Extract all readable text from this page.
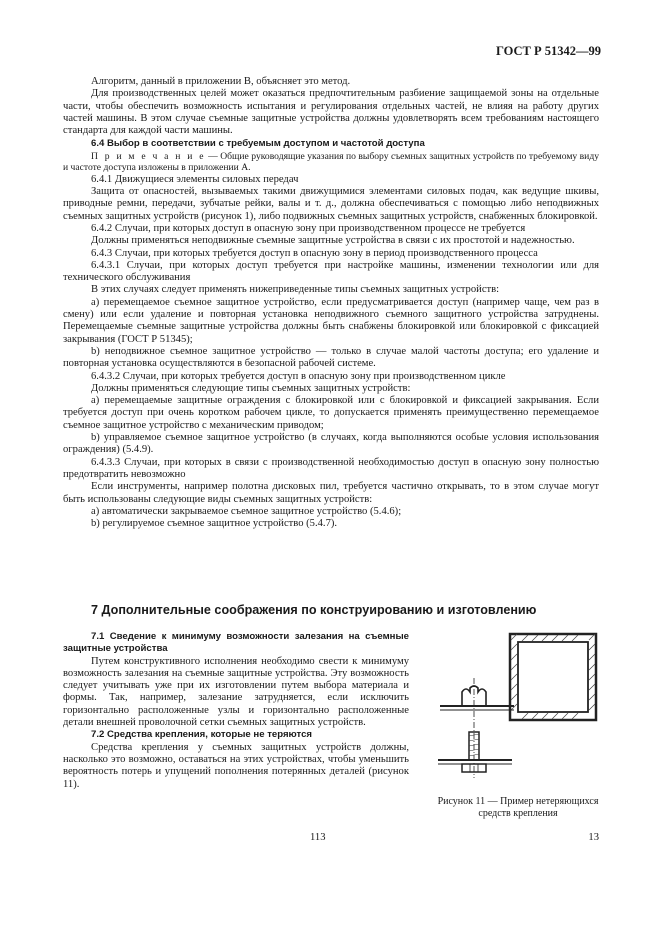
ГОСТ Р 51342—99

Алгоритм, данный в приложении В, объясняет это метод.

Для производственных целей может оказаться предпочтительным разбиение защищаемой зоны на отдельные части, чтобы обеспечить возможность испытания и регулирования отдельных частей, не влияя на работу других частей машины. В этом случае съемные защитные устройства должны удовлетворять всем требованиям настоящего стандарта для каждой части машины.

6.4 Выбор в соответствии с требуемым доступом и частотой доступа

П р и м е ч а н и е — Общие руководящие указания по выбору съемных защитных устройств по требуемому виду и частоте доступа изложены в приложении А.

6.4.1 Движущиеся элементы силовых передач

Защита от опасностей, вызываемых такими движущимися элементами силовых подач, как ведущие шкивы, приводные ремни, передачи, зубчатые рейки, валы и т. д., должна обеспечиваться с помощью либо неподвижных съемных защитных устройств (рисунок 1), либо подвижных съемных защитных устройств, снабженных блокировкой.

6.4.2 Случаи, при которых доступ в опасную зону при производственном процессе не требуется

Должны применяться неподвижные съемные защитные устройства в связи с их простотой и надежностью.

6.4.3 Случаи, при которых требуется доступ в опасную зону в период производственного процесса

6.4.3.1 Случаи, при которых доступ требуется при настройке машины, изменении технологии или для технического обслуживания

В этих случаях следует применять нижеприведенные типы съемных защитных устройств:

a) перемещаемое съемное защитное устройство, если предусматривается доступ (например чаще, чем раз в смену) или если удаление и повторная установка неподвижного съемного защитного устройства затруднены. Перемещаемые съемные защитные устройства должны быть снабжены блокировкой или блокировкой с фиксацией закрывания (ГОСТ Р 51345);

b) неподвижное съемное защитное устройство — только в случае малой частоты доступа; его удаление и повторная установка осуществляются в безопасной рабочей системе.

6.4.3.2 Случаи, при которых требуется доступ в опасную зону при производственном цикле

Должны применяться следующие типы съемных защитных устройств:

a) перемещаемые защитные ограждения с блокировкой или с блокировкой и фиксацией закрывания. Если требуется доступ при очень коротком рабочем цикле, то допускается применять преимущественно перемещаемое съемное защитное устройство с механическим приводом;

b) управляемое съемное защитное устройство (в случаях, когда выполняются особые условия использования ограждения) (5.4.9).

6.4.3.3 Случаи, при которых в связи с производственной необходимостью доступ в опасную зону полностью предотвратить невозможно

Если инструменты, например полотна дисковых пил, требуется частично открывать, то в этом случае могут быть использованы следующие виды съемных защитных устройств:

a) автоматически закрываемое съемное защитное устройство (5.4.6);

b) регулируемое съемное защитное устройство (5.4.7).

7 Дополнительные соображения по конструированию и изготовлению

7.1 Сведение к минимуму возможности залезания на съемные защитные устройства

Путем конструктивного исполнения необходимо свести к минимуму возможность залезания на съемные защитные устройства. Эту возможность следует учитывать уже при их изготовлении путем выбора материала и формы. Так, например, залезание затрудняется, если исключить горизонтально расположенные узлы и горизонтально расположенные детали внешней проволочной сетки съемных защитных устройств.

7.2 Средства крепления, которые не теряются

Средства крепления у съемных защитных устройств должны, насколько это возможно, оставаться на этих устройствах, чтобы уменьшить вероятность потерь и упущений пополнения потерянных деталей (рисунок 11).

Рисунок 11 — Пример нетеряющихся средств крепления
113	13
